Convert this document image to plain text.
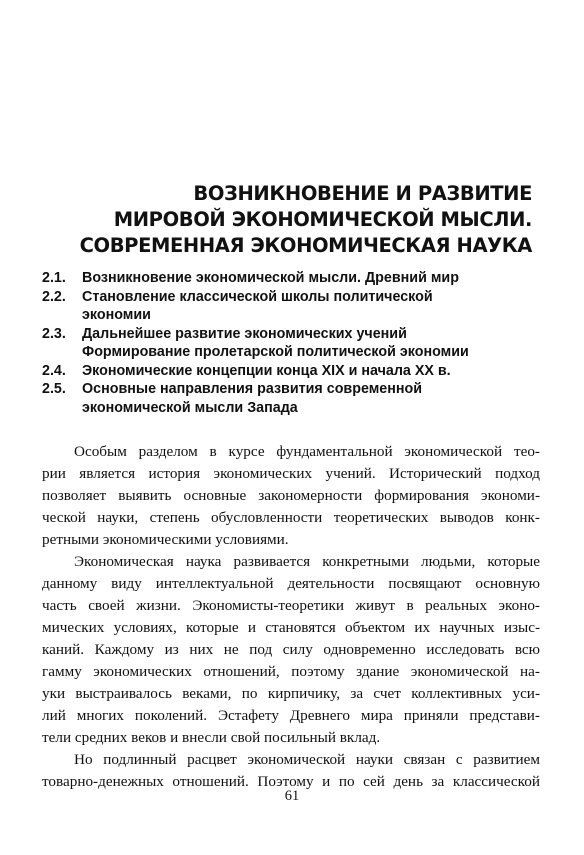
ВОЗНИКНОВЕНИЕ И РАЗВИТИЕ
МИРОВОЙ ЭКОНОМИЧЕСКОЙ МЫСЛИ.
СОВРЕМЕННАЯ ЭКОНОМИЧЕСКАЯ НАУКА
2.1.	Возникновение экономической мысли. Древний мир
2.2.	Становление классической школы политической
экономии
2.3.	Дальнейшее развитие экономических учений
Формирование пролетарской политической экономии
2.4.	Экономические концепции конца XIX и начала XX в.
2.5.	Основные направления развития современной
экономической мысли Запада
Особым разделом в курсе фундаментальной экономической тео-
рии является история экономических учений. Исторический подход
позволяет выявить основные закономерности формирования экономи-
ческой науки, степень обусловленности теоретических выводов конк-
ретными экономическими условиями.
Экономическая наука развивается конкретными людьми, которые
данному виду интеллектуальной деятельности посвящают основную
часть своей жизни. Экономисты-теоретики живут в реальных эконо-
мических условиях, которые и становятся объектом их научных изыс-
каний. Каждому из них не под силу одновременно исследовать всю
гамму экономических отношений, поэтому здание экономической на-
уки выстраивалось веками, по кирпичику, за счет коллективных уси-
лий многих поколений. Эстафету Древнего мира приняли представи-
тели средних веков и внесли свой посильный вклад.
Но подлинный расцвет экономической науки связан с развитием
товарно-денежных отношений. Поэтому и по сей день за классической
61
